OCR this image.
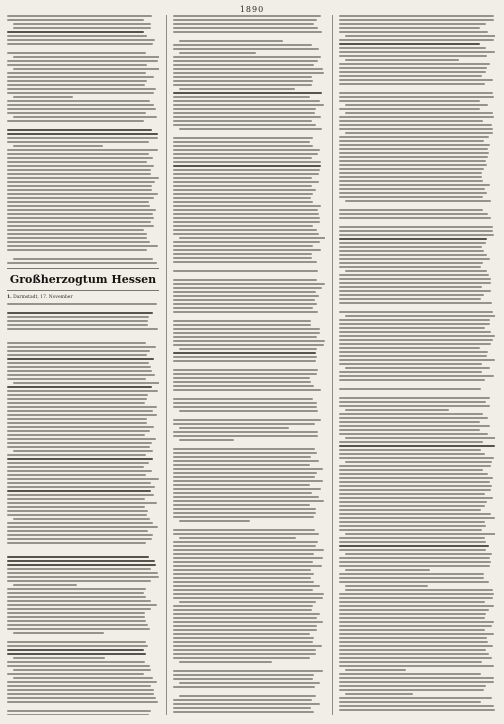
1890
Großherzogtum Hessen
1. Darmstadt, 17. November
